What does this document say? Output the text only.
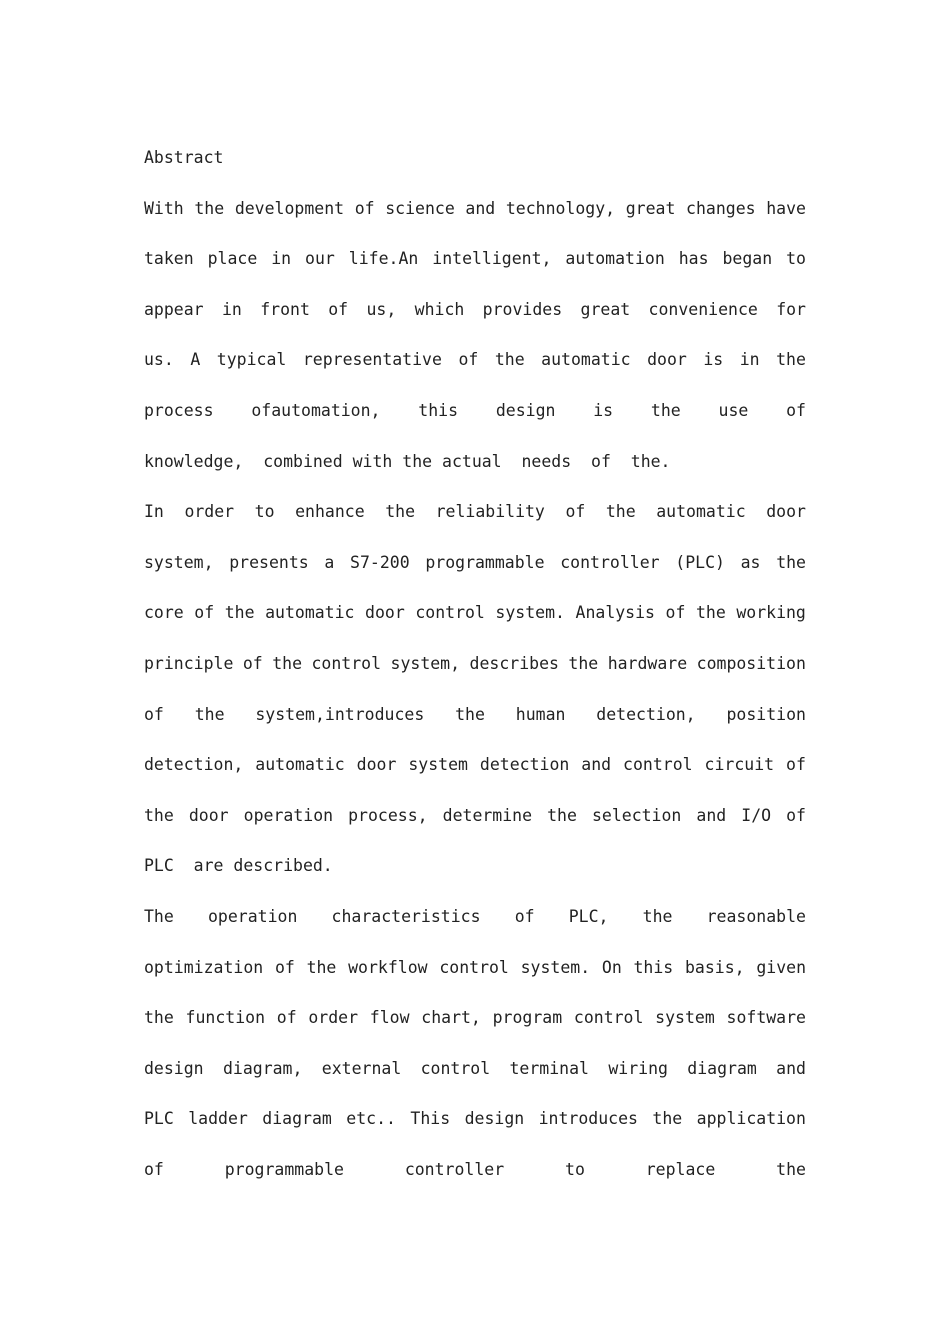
Abstract
With the development of science and technology, great changes have
taken place in our life.An intelligent, automation has began to
appear in front of us, which provides great convenience for
us. A typical representative of the automatic door is in the
process ofautomation, this design is the use of
knowledge,  combined with the actual  needs  of  the.
In order to enhance the reliability of the automatic door
system, presents a S7-200 programmable controller (PLC) as the
core of the automatic door control system. Analysis of the working
principle of the control system, describes the hardware composition
of the system,introduces the human detection, position
detection, automatic door system detection and control circuit of
the door operation process, determine the selection and I/O of
PLC  are described.
The operation characteristics of PLC, the reasonable
optimization of the workflow control system. On this basis, given
the function of order flow chart, program control system software
design diagram, external control terminal wiring diagram and
PLC ladder diagram etc.. This design introduces the application
of	programmable	controller	to	replace	the
